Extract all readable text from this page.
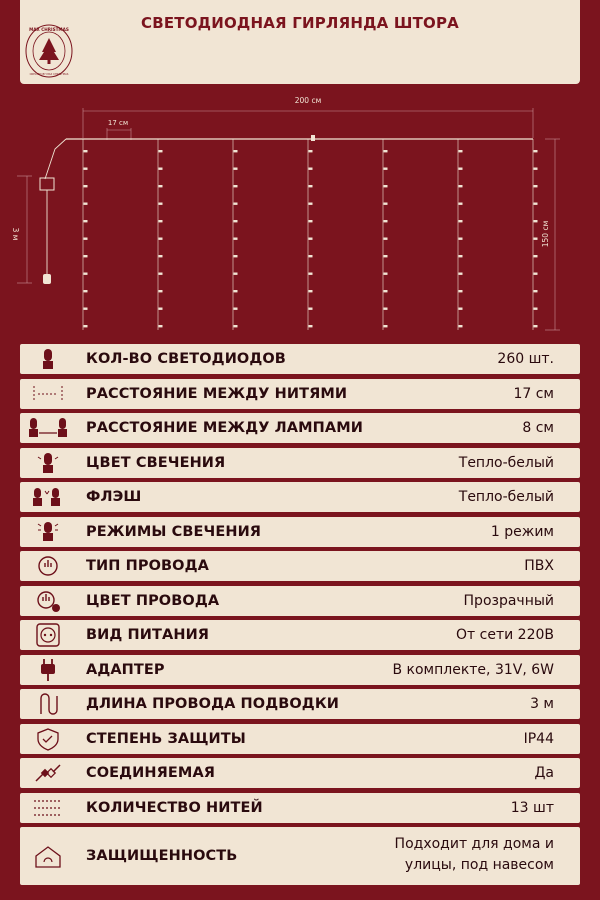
MAX CHRISTMAS
CREATED BY MAX CHRISTMAS
СВЕТОДИОДНАЯ ГИРЛЯНДА ШТОРА
200 см
17 см
3 м	150 см
КОЛ-ВО СВЕТОДИОДОВ	260 шт.
РАССТОЯНИЕ МЕЖДУ НИТЯМИ	17 см
РАССТОЯНИЕ МЕЖДУ ЛАМПАМИ	8 см
ЦВЕТ СВЕЧЕНИЯ	Тепло-белый
ФЛЭШ	Тепло-белый
РЕЖИМЫ СВЕЧЕНИЯ	1 режим
ТИП ПРОВОДА	ПВХ
ЦВЕТ ПРОВОДА	Прозрачный
ВИД ПИТАНИЯ	От сети 220В
АДАПТЕР	В комплекте, 31V, 6W
ДЛИНА ПРОВОДА ПОДВОДКИ	3 м
СТЕПЕНЬ ЗАЩИТЫ	IP44
СОЕДИНЯЕМАЯ	Да
КОЛИЧЕСТВО НИТЕЙ	13 шт
ЗАЩИЩЕННОСТЬ
Подходит для дома и
улицы, под навесом
